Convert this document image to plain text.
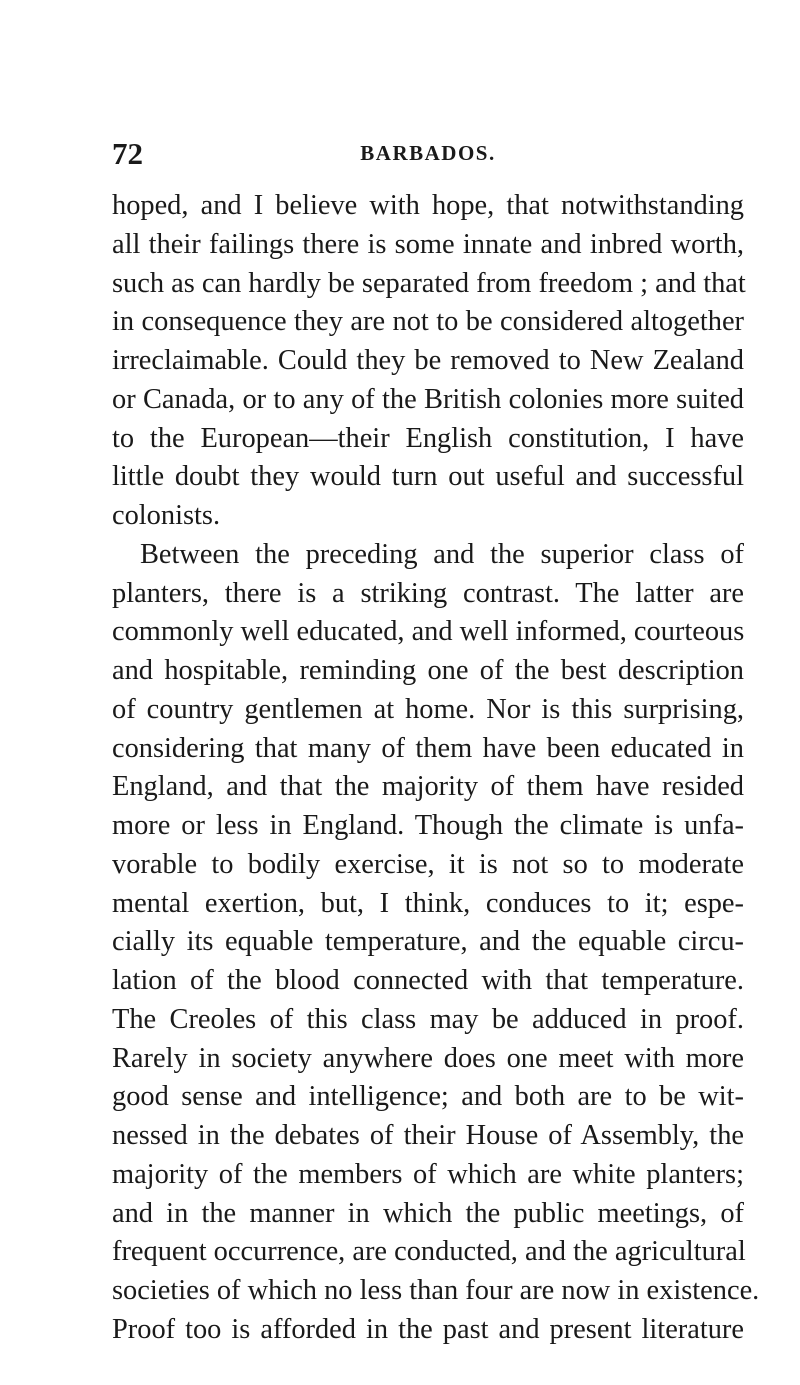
72	BARBADOS.
hoped, and I believe with hope, that notwithstanding
all their failings there is some innate and inbred worth,
such as can hardly be separated from freedom ; and that
in consequence they are not to be considered altogether
irreclaimable. Could they be removed to New Zealand
or Canada, or to any of the British colonies more suited
to the European—their English constitution, I have
little doubt they would turn out useful and successful
colonists.
Between the preceding and the superior class of
planters, there is a striking contrast. The latter are
commonly well educated, and well informed, courteous
and hospitable, reminding one of the best description
of country gentlemen at home. Nor is this surprising,
considering that many of them have been educated in
England, and that the majority of them have resided
more or less in England. Though the climate is unfa-
vorable to bodily exercise, it is not so to moderate
mental exertion, but, I think, conduces to it; espe-
cially its equable temperature, and the equable circu-
lation of the blood connected with that temperature.
The Creoles of this class may be adduced in proof.
Rarely in society anywhere does one meet with more
good sense and intelligence; and both are to be wit-
nessed in the debates of their House of Assembly, the
majority of the members of which are white planters;
and in the manner in which the public meetings, of
frequent occurrence, are conducted, and the agricultural
societies of which no less than four are now in existence.
Proof too is afforded in the past and present literature
